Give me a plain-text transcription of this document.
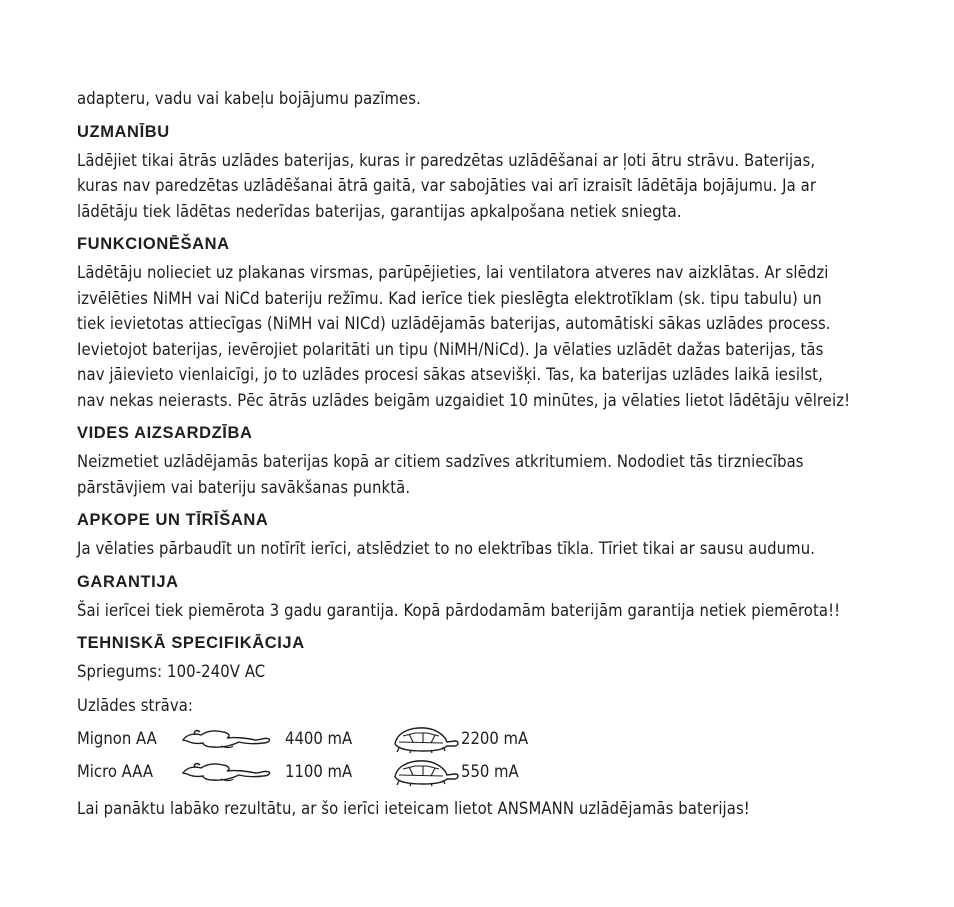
adapteru, vadu vai kabeļu bojājumu pazīmes.

UZMANĪBU

Lādējiet tikai ātrās uzlādes baterijas, kuras ir paredzētas uzlādēšanai ar ļoti ātru strāvu. Baterijas,

kuras nav paredzētas uzlādēšanai ātrā gaitā, var sabojāties vai arī izraisīt lādētāja bojājumu. Ja ar

lādētāju tiek lādētas nederīdas baterijas, garantijas apkalpošana netiek sniegta.

FUNKCIONĒŠANA

Lādētāju nolieciet uz plakanas virsmas, parūpējieties, lai ventilatora atveres nav aizklātas. Ar slēdzi

izvēlēties NiMH vai NiCd bateriju režīmu. Kad ierīce tiek pieslēgta elektrotīklam (sk. tipu tabulu) un

tiek ievietotas attiecīgas (NiMH vai NICd) uzlādējamās baterijas, automātiski sākas uzlādes process.

Ievietojot baterijas, ievērojiet polaritāti un tipu (NiMH/NiCd). Ja vēlaties uzlādēt dažas baterijas, tās

nav jāievieto vienlaicīgi, jo to uzlādes procesi sākas atsevišķi. Tas, ka baterijas uzlādes laikā iesilst,

nav nekas neierasts. Pēc ātrās uzlādes beigām uzgaidiet 10 minūtes, ja vēlaties lietot lādētāju vēlreiz!

VIDES AIZSARDZĪBA

Neizmetiet uzlādējamās baterijas kopā ar citiem sadzīves atkritumiem. Nododiet tās tirzniecības

pārstāvjiem vai bateriju savākšanas punktā.

APKOPE UN TĪRĪŠANA

Ja vēlaties pārbaudīt un notīrīt ierīci, atslēdziet to no elektrības tīkla. Tīriet tikai ar sausu audumu.

GARANTIJA

Šai ierīcei tiek piemērota 3 gadu garantija. Kopā pārdodamām baterijām garantija netiek piemērota!!

TEHNISKĀ SPECIFIKĀCIJA

Spriegums: 100-240V AC

Uzlādes strāva:

Mignon AA	4400 mA	2200 mA
Micro AAA	1100 mA	550 mA

Lai panāktu labāko rezultātu, ar šo ierīci ieteicam lietot ANSMANN uzlādējamās baterijas!
